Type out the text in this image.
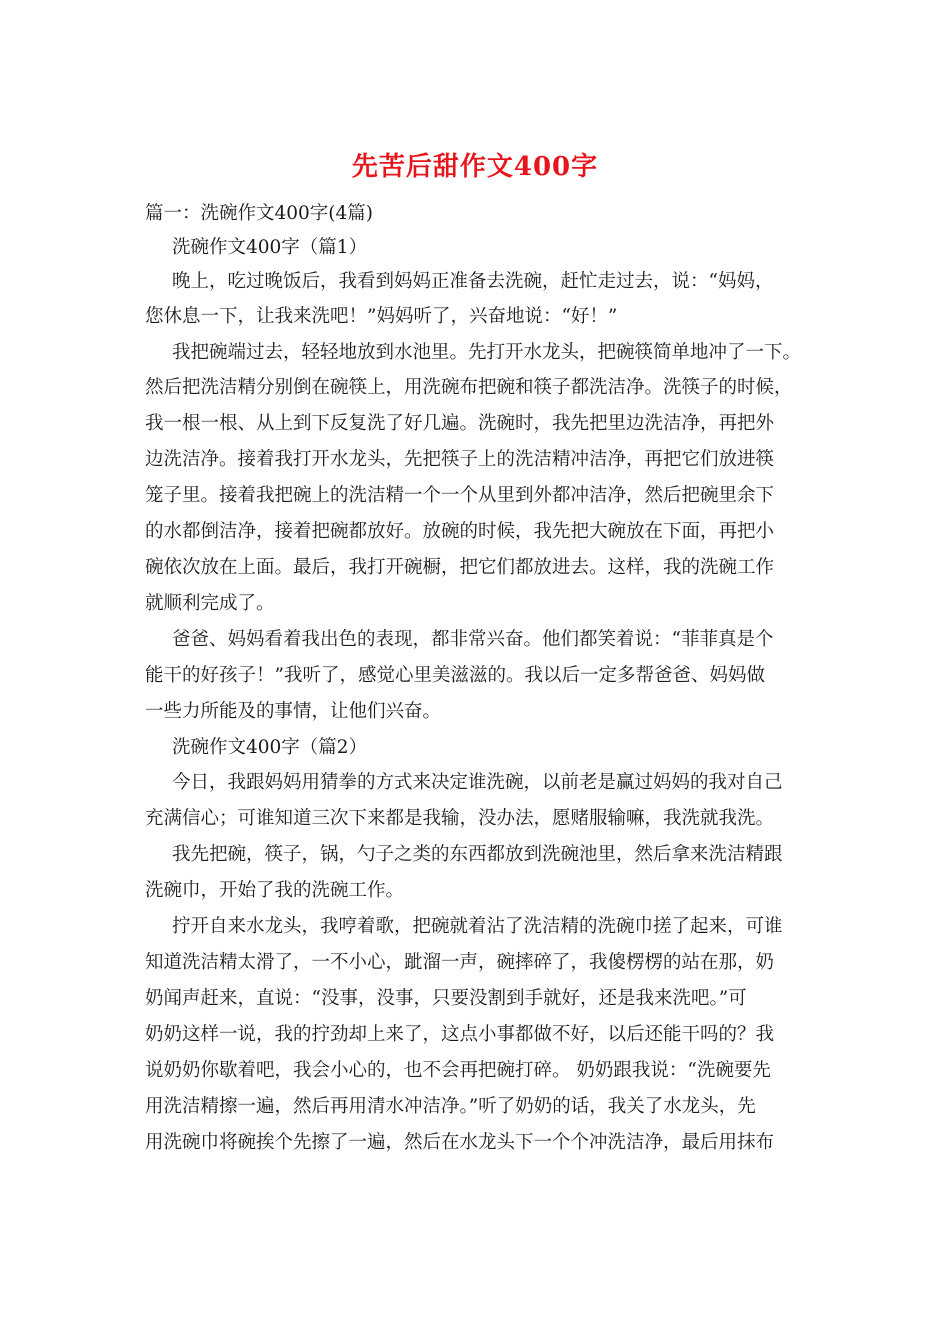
先苦后甜作文400字
篇一：洗碗作文400字(4篇)
洗碗作文400字（篇1）
晚上，吃过晚饭后，我看到妈妈正准备去洗碗，赶忙走过去，说：“妈妈，
您休息一下，让我来洗吧！”妈妈听了，兴奋地说：“好！”
我把碗端过去，轻轻地放到水池里。先打开水龙头，把碗筷简单地冲了一下。
然后把洗洁精分别倒在碗筷上，用洗碗布把碗和筷子都洗洁净。洗筷子的时候，
我一根一根、从上到下反复洗了好几遍。洗碗时，我先把里边洗洁净，再把外
边洗洁净。接着我打开水龙头，先把筷子上的洗洁精冲洁净，再把它们放进筷
笼子里。接着我把碗上的洗洁精一个一个从里到外都冲洁净，然后把碗里余下
的水都倒洁净，接着把碗都放好。放碗的时候，我先把大碗放在下面，再把小
碗依次放在上面。最后，我打开碗橱，把它们都放进去。这样，我的洗碗工作
就顺利完成了。
爸爸、妈妈看着我出色的表现，都非常兴奋。他们都笑着说：“菲菲真是个
能干的好孩子！”我听了，感觉心里美滋滋的。我以后一定多帮爸爸、妈妈做
一些力所能及的事情，让他们兴奋。
洗碗作文400字（篇2）
今日，我跟妈妈用猜拳的方式来决定谁洗碗，以前老是赢过妈妈的我对自己
充满信心；可谁知道三次下来都是我输，没办法，愿赌服输嘛，我洗就我洗。
我先把碗，筷子，锅，勺子之类的东西都放到洗碗池里，然后拿来洗洁精跟
洗碗巾，开始了我的洗碗工作。
拧开自来水龙头，我哼着歌，把碗就着沾了洗洁精的洗碗巾搓了起来，可谁
知道洗洁精太滑了，一不小心，跐溜一声，碗摔碎了，我傻楞楞的站在那，奶
奶闻声赶来，直说：“没事，没事，只要没割到手就好，还是我来洗吧。”可
奶奶这样一说，我的拧劲却上来了，这点小事都做不好，以后还能干吗的？我
说奶奶你歇着吧，我会小心的，也不会再把碗打碎。 奶奶跟我说：“洗碗要先
用洗洁精擦一遍，然后再用清水冲洁净。”听了奶奶的话，我关了水龙头，先
用洗碗巾将碗挨个先擦了一遍，然后在水龙头下一个个冲洗洁净，最后用抹布
